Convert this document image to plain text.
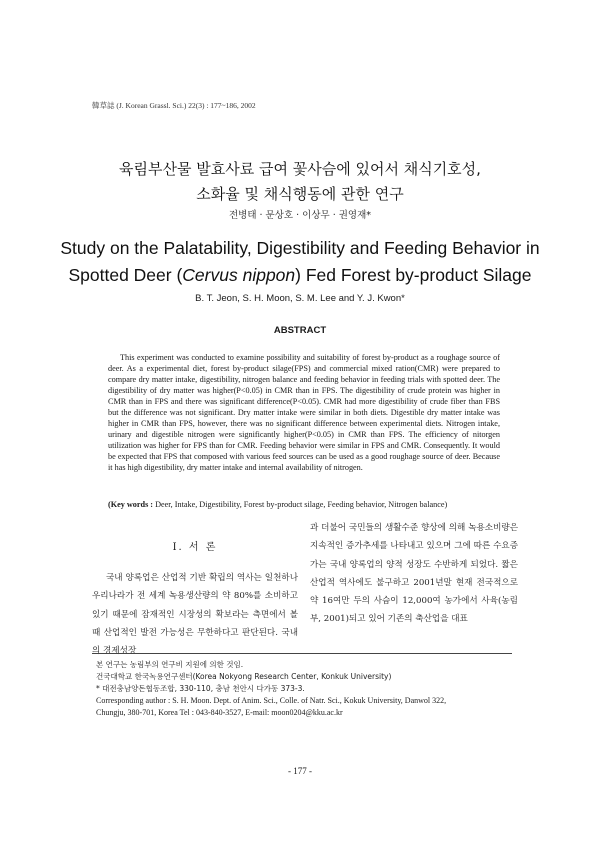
韓草誌 (J. Korean Grassl. Sci.) 22(3) : 177~186, 2002
육림부산물 발효사료 급여 꽃사슴에 있어서 채식기호성,
소화율 및 채식행동에 관한 연구
전병태 · 문상호 · 이상무 · 권영재*
Study on the Palatability, Digestibility and Feeding Behavior in
Spotted Deer (Cervus nippon) Fed Forest by-product Silage
B. T. Jeon, S. H. Moon, S. M. Lee and Y. J. Kwon*
ABSTRACT
This experiment was conducted to examine possibility and suitability of forest by-product as a roughage source of deer. As a experimental diet, forest by-product silage(FPS) and commercial mixed ration(CMR) were prepared to compare dry matter intake, digestibility, nitrogen balance and feeding behavior in feeding trials with spotted deer. The digestibility of dry matter was higher(P<0.05) in CMR than in FPS. The digestibility of crude protein was higher in CMR than in FPS and there was significant difference(P<0.05). CMR had more digestibility of crude fiber than FBS but the difference was not significant. Dry matter intake were similar in both diets. Digestible dry matter intake was higher in CMR than FPS, however, there was no significant difference between experimental diets. Nitrogen intake, urinary and digestible nitrogen were significantly higher(P<0.05) in CMR than FPS. The efficiency of nitorgen utilization was higher for FPS than for CMR. Feeding behavior were similar in FPS and CMR. Consequently. It would be expected that FPS that composed with various feed sources can be used as a good roughage source of deer. Because it has high digestibility, dry matter intake and internal availability of nitrogen.
(Key words : Deer, Intake, Digestibility, Forest by-product silage, Feeding behavior, Nitrogen balance)
Ⅰ. 서 론
국내 양록업은 산업적 기반 확립의 역사는 일천하나 우리나라가 전 세계 녹용생산량의 약 80%를 소비하고 있기 때문에 잠재적인 시장성의 확보라는 측면에서 볼 때 산업적인 발전 가능성은 무한하다고 판단된다. 국내의 경제성장
과 더불어 국민들의 생활수준 향상에 의해 녹용소비량은 지속적인 증가추세를 나타내고 있으며 그에 따른 수요증가는 국내 양록업의 양적 성장도 수반하게 되었다. 짧은 산업적 역사에도 불구하고 2001년말 현재 전국적으로 약 16여만 두의 사슴이 12,000여 농가에서 사육(농림부, 2001)되고 있어 기존의 축산업을 대표
본 연구는 농림부의 연구비 지원에 의한 것임.
건국대학교 한국녹용연구센터(Korea Nokyong Research Center, Konkuk University)
* 대전충남양돈협동조합, 330-110, 충남 천안시 다가동 373-3.
Corresponding author : S. H. Moon. Dept. of Anim. Sci., Colle. of Natr. Sci., Kokuk University, Danwol 322,
Chungju, 380-701, Korea Tel : 043-840-3527, E-mail: moon0204@kku.ac.kr
- 177 -
